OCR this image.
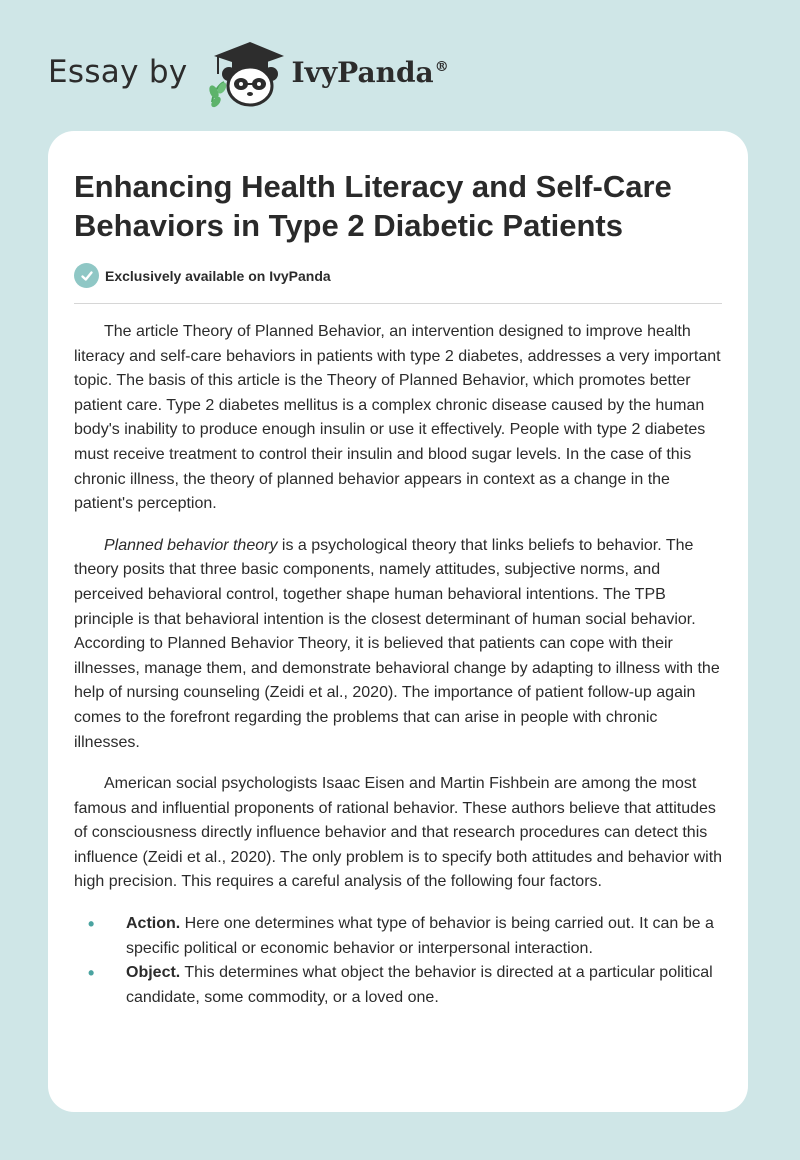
Essay by	IvyPanda®
Enhancing Health Literacy and Self-Care Behaviors in Type 2 Diabetic Patients
Exclusively available on IvyPanda

The article Theory of Planned Behavior, an intervention designed to improve health literacy and self-care behaviors in patients with type 2 diabetes, addresses a very important topic. The basis of this article is the Theory of Planned Behavior, which promotes better patient care. Type 2 diabetes mellitus is a complex chronic disease caused by the human body's inability to produce enough insulin or use it effectively. People with type 2 diabetes must receive treatment to control their insulin and blood sugar levels. In the case of this chronic illness, the theory of planned behavior appears in context as a change in the patient's perception.

Planned behavior theory is a psychological theory that links beliefs to behavior. The theory posits that three basic components, namely attitudes, subjective norms, and perceived behavioral control, together shape human behavioral intentions. The TPB principle is that behavioral intention is the closest determinant of human social behavior. According to Planned Behavior Theory, it is believed that patients can cope with their illnesses, manage them, and demonstrate behavioral change by adapting to illness with the help of nursing counseling (Zeidi et al., 2020). The importance of patient follow-up again comes to the forefront regarding the problems that can arise in people with chronic illnesses.

American social psychologists Isaac Eisen and Martin Fishbein are among the most famous and influential proponents of rational behavior. These authors believe that attitudes of consciousness directly influence behavior and that research procedures can detect this influence (Zeidi et al., 2020). The only problem is to specify both attitudes and behavior with high precision. This requires a careful analysis of the following four factors.

• Action. Here one determines what type of behavior is being carried out. It can be a specific political or economic behavior or interpersonal interaction.
• Object. This determines what object the behavior is directed at a particular political candidate, some commodity, or a loved one.
